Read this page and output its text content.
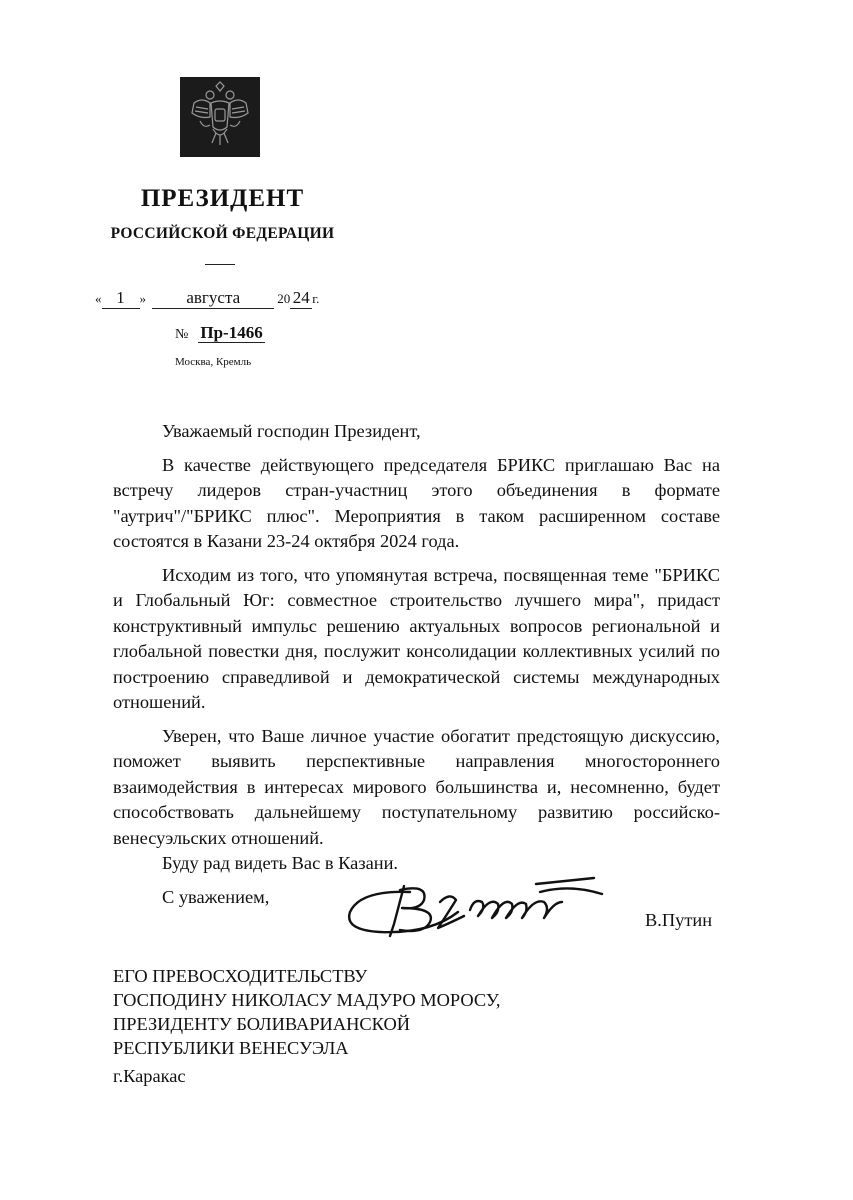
ПРЕЗИДЕНТ
РОССИЙСКОЙ ФЕДЕРАЦИИ
« 1 » августа	20 24 г.
№ Пр-1466
Москва, Кремль

Уважаемый господин Президент,

В качестве действующего председателя БРИКС приглашаю Вас на встречу лидеров стран-участниц этого объединения в формате "аутрич"/"БРИКС плюс". Мероприятия в таком расширенном составе состоятся в Казани 23-24 октября 2024 года.

Исходим из того, что упомянутая встреча, посвященная теме "БРИКС и Глобальный Юг: совместное строительство лучшего мира", придаст конструктивный импульс решению актуальных вопросов региональной и глобальной повестки дня, послужит консолидации коллективных усилий по построению справедливой и демократической системы международных отношений.

Уверен, что Ваше личное участие обогатит предстоящую дискуссию, поможет выявить перспективные направления многостороннего взаимодействия в интересах мирового большинства и, несомненно, будет способствовать дальнейшему поступательному развитию российско-венесуэльских отношений.

Буду рад видеть Вас в Казани.

С уважением,

В.Путин
ЕГО ПРЕВОСХОДИТЕЛЬСТВУ
ГОСПОДИНУ НИКОЛАСУ МАДУРО МОРОСУ,
ПРЕЗИДЕНТУ БОЛИВАРИАНСКОЙ
РЕСПУБЛИКИ ВЕНЕСУЭЛА
г.Каракас
